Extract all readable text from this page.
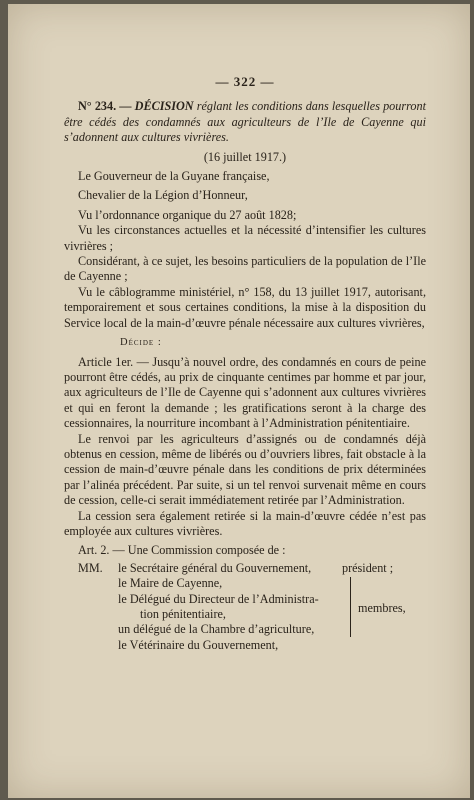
— 322 —

N° 234. — DÉCISION réglant les conditions dans lesquelles pourront être cédés des condamnés aux agriculteurs de l’Ile de Cayenne qui s’adonnent aux cultures vivrières.

(16 juillet 1917.)

Le Gouverneur de la Guyane française,

Chevalier de la Légion d’Honneur,

Vu l’ordonnance organique du 27 août 1828;

Vu les circonstances actuelles et la nécessité d’intensifier les cultures vivrières ;

Considérant, à ce sujet, les besoins particuliers de la population de l’Ile de Cayenne ;

Vu le câblogramme ministériel, n° 158, du 13 juillet 1917, autorisant, temporairement et sous certaines conditions, la mise à la disposition du Service local de la main-d’œuvre pénale nécessaire aux cultures vivrières,

Décide :

Article 1er. — Jusqu’à nouvel ordre, des condamnés en cours de peine pourront être cédés, au prix de cinquante centimes par homme et par jour, aux agriculteurs de l’Ile de Cayenne qui s’adonnent aux cultures vivrières et qui en feront la demande ; les gratifications seront à la charge des cessionnaires, la nourriture incombant à l’Administration pénitentiaire.

Le renvoi par les agriculteurs d’assignés ou de condamnés déjà obtenus en cession, même de libérés ou d’ouvriers libres, fait obstacle à la cession de main-d’œuvre pénale dans les conditions de prix déterminées par l’alinéa précédent. Par suite, si un tel renvoi survenait même en cours de cession, celle-ci serait immédiatement retirée par l’Administration.

La cession sera également retirée si la main-d’œuvre cédée n’est pas employée aux cultures vivrières.

Art. 2. — Une Commission composée de :

MM.	le Secrétaire général du Gouvernement,
le Maire de Cayenne,
le Délégué du Directeur de l’Administra-
tion pénitentiaire,
un délégué de la Chambre d’agriculture,
le Vétérinaire du Gouvernement,
président ;
membres,
